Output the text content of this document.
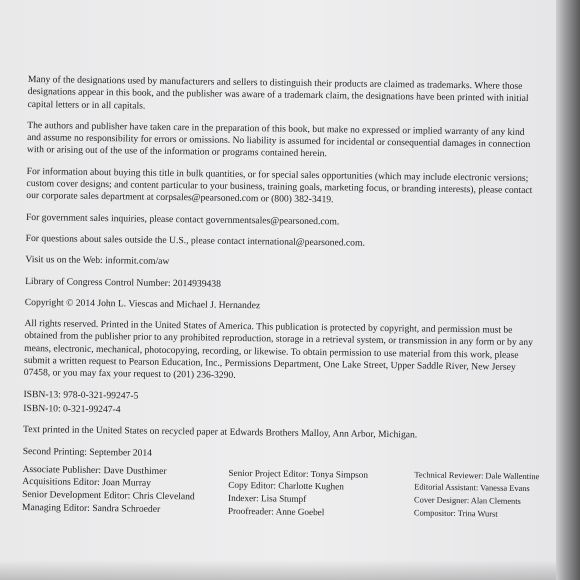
Many of the designations used by manufacturers and sellers to distinguish their products are claimed as trademarks. Where those designations appear in this book, and the publisher was aware of a trademark claim, the designations have been printed with initial capital letters or in all capitals.

The authors and publisher have taken care in the preparation of this book, but make no expressed or implied warranty of any kind and assume no responsibility for errors or omissions. No liability is assumed for incidental or consequential damages in connection with or arising out of the use of the information or programs contained herein.

For information about buying this title in bulk quantities, or for special sales opportunities (which may include electronic versions; custom cover designs; and content particular to your business, training goals, marketing focus, or branding interests), please contact our corporate sales department at corpsales@pearsoned.com or (800) 382-3419.

For government sales inquiries, please contact governmentsales@pearsoned.com.

For questions about sales outside the U.S., please contact international@pearsoned.com.

Visit us on the Web: informit.com/aw

Library of Congress Control Number: 2014939438

Copyright © 2014 John L. Viescas and Michael J. Hernandez

All rights reserved. Printed in the United States of America. This publication is protected by copyright, and permission must be obtained from the publisher prior to any prohibited reproduction, storage in a retrieval system, or transmission in any form or by any means, electronic, mechanical, photocopying, recording, or likewise. To obtain permission to use material from this work, please submit a written request to Pearson Education, Inc., Permissions Department, One Lake Street, Upper Saddle River, New Jersey 07458, or you may fax your request to (201) 236-3290.

ISBN-13: 978-0-321-99247-5

ISBN-10: 0-321-99247-4

Text printed in the United States on recycled paper at Edwards Brothers Malloy, Ann Arbor, Michigan.

Second Printing: September 2014

Associate Publisher: Dave Dusthimer
Acquisitions Editor: Joan Murray
Senior Development Editor: Chris Cleveland
Managing Editor: Sandra Schroeder
Senior Project Editor: Tonya Simpson
Copy Editor: Charlotte Kughen
Indexer: Lisa Stumpf
Proofreader: Anne Goebel
Technical Reviewer: Dale Wallentine
Editorial Assistant: Vanessa Evans
Cover Designer: Alan Clements
Compositor: Trina Wurst
